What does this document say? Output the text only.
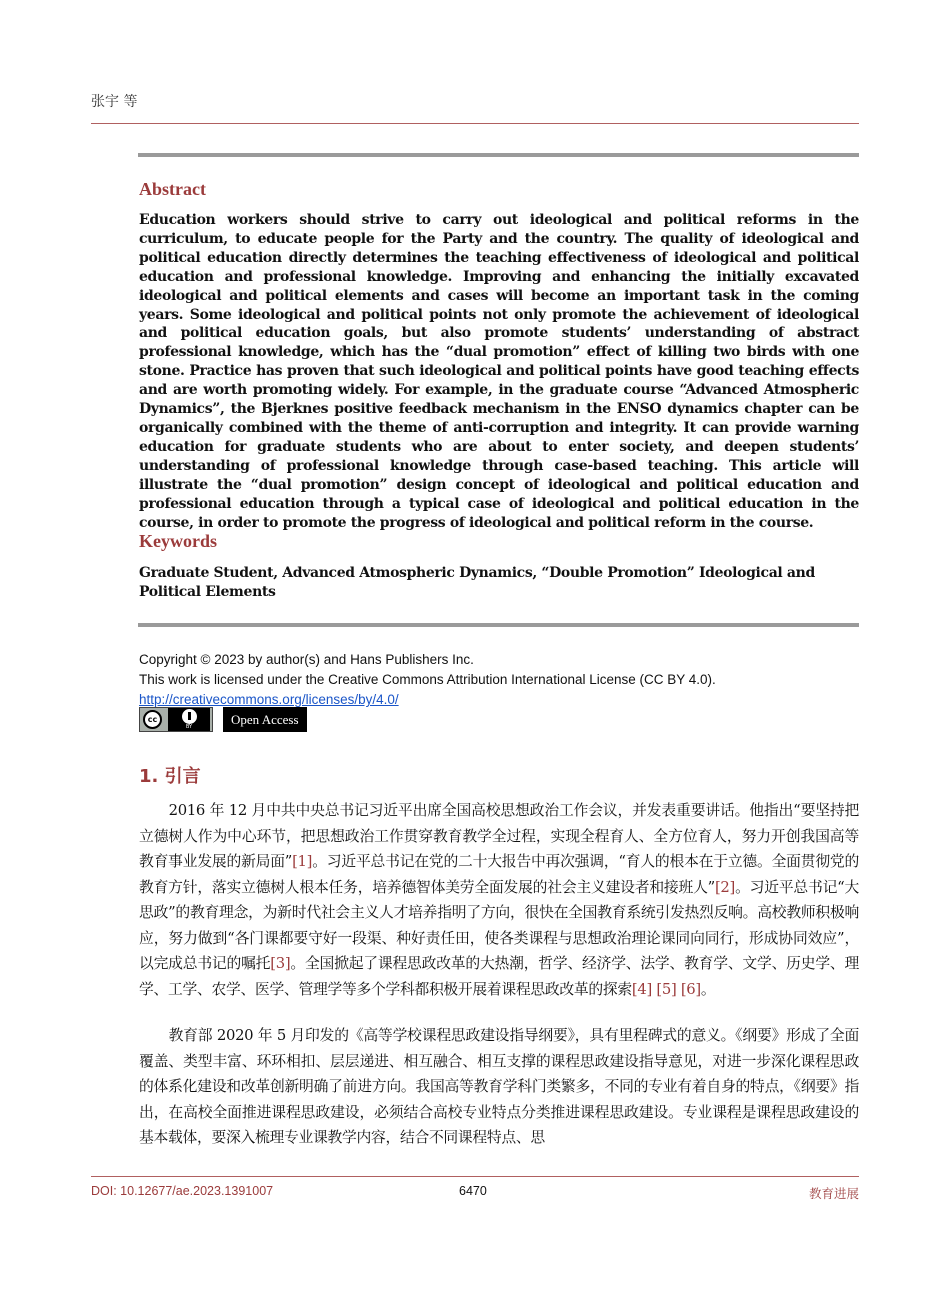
张宇 等
Abstract
Education workers should strive to carry out ideological and political reforms in the curriculum, to educate people for the Party and the country. The quality of ideological and political education directly determines the teaching effectiveness of ideological and political education and professional knowledge. Improving and enhancing the initially excavated ideological and political elements and cases will become an important task in the coming years. Some ideological and political points not only promote the achievement of ideological and political education goals, but also promote students’ understanding of abstract professional knowledge, which has the “dual promotion” effect of killing two birds with one stone. Practice has proven that such ideological and political points have good teaching effects and are worth promoting widely. For example, in the graduate course “Advanced Atmospheric Dynamics”, the Bjerknes positive feedback mechanism in the ENSO dynamics chapter can be organically combined with the theme of anti-corruption and integrity. It can provide warning education for graduate students who are about to enter society, and deepen students’ understanding of professional knowledge through case-based teaching. This article will illustrate the “dual promotion” design concept of ideological and political education and professional education through a typical case of ideological and political education in the course, in order to promote the progress of ideological and political reform in the course.
Keywords
Graduate Student, Advanced Atmospheric Dynamics, “Double Promotion” Ideological and Political Elements
Copyright © 2023 by author(s) and Hans Publishers Inc.
This work is licensed under the Creative Commons Attribution International License (CC BY 4.0).
http://creativecommons.org/licenses/by/4.0/
cc
BY
Open Access
1. 引言
2016 年 12 月中共中央总书记习近平出席全国高校思想政治工作会议，并发表重要讲话。他指出“要坚持把立德树人作为中心环节，把思想政治工作贯穿教育教学全过程，实现全程育人、全方位育人，努力开创我国高等教育事业发展的新局面”[1]。习近平总书记在党的二十大报告中再次强调，“育人的根本在于立德。全面贯彻党的教育方针，落实立德树人根本任务，培养德智体美劳全面发展的社会主义建设者和接班人”[2]。习近平总书记“大思政”的教育理念，为新时代社会主义人才培养指明了方向，很快在全国教育系统引发热烈反响。高校教师积极响应，努力做到“各门课都要守好一段渠、种好责任田，使各类课程与思想政治理论课同向同行，形成协同效应”，以完成总书记的嘱托[3]。全国掀起了课程思政改革的大热潮，哲学、经济学、法学、教育学、文学、历史学、理学、工学、农学、医学、管理学等多个学科都积极开展着课程思政改革的探索[4] [5] [6]。
教育部 2020 年 5 月印发的《高等学校课程思政建设指导纲要》，具有里程碑式的意义。《纲要》形成了全面覆盖、类型丰富、环环相扣、层层递进、相互融合、相互支撑的课程思政建设指导意见，对进一步深化课程思政的体系化建设和改革创新明确了前进方向。我国高等教育学科门类繁多，不同的专业有着自身的特点，《纲要》指出，在高校全面推进课程思政建设，必须结合高校专业特点分类推进课程思政建设。专业课程是课程思政建设的基本载体，要深入梳理专业课教学内容，结合不同课程特点、思
DOI: 10.12677/ae.2023.1391007	6470	教育进展
